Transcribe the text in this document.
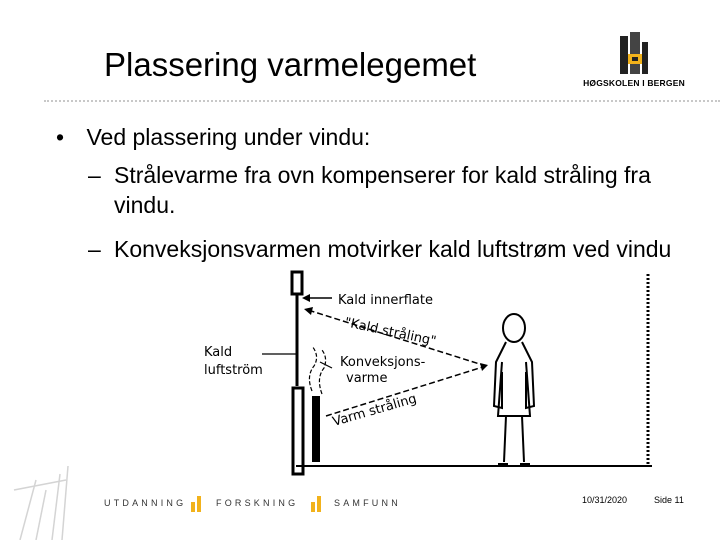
Plassering varmelegemet	HØGSKOLEN I BERGEN
• Ved plassering under vindu:
– Strålevarme fra ovn kompenserer for kald stråling fra vindu.
– Konveksjonsvarmen motvirker kald luftstrøm ved vindu
Kald innerflate
"Kald stråling"
Kald
luftström
Konveksjons-
varme
Varm stråling
UTDANNING	FORSKNING	SAMFUNN	10/31/2020	Side 11
